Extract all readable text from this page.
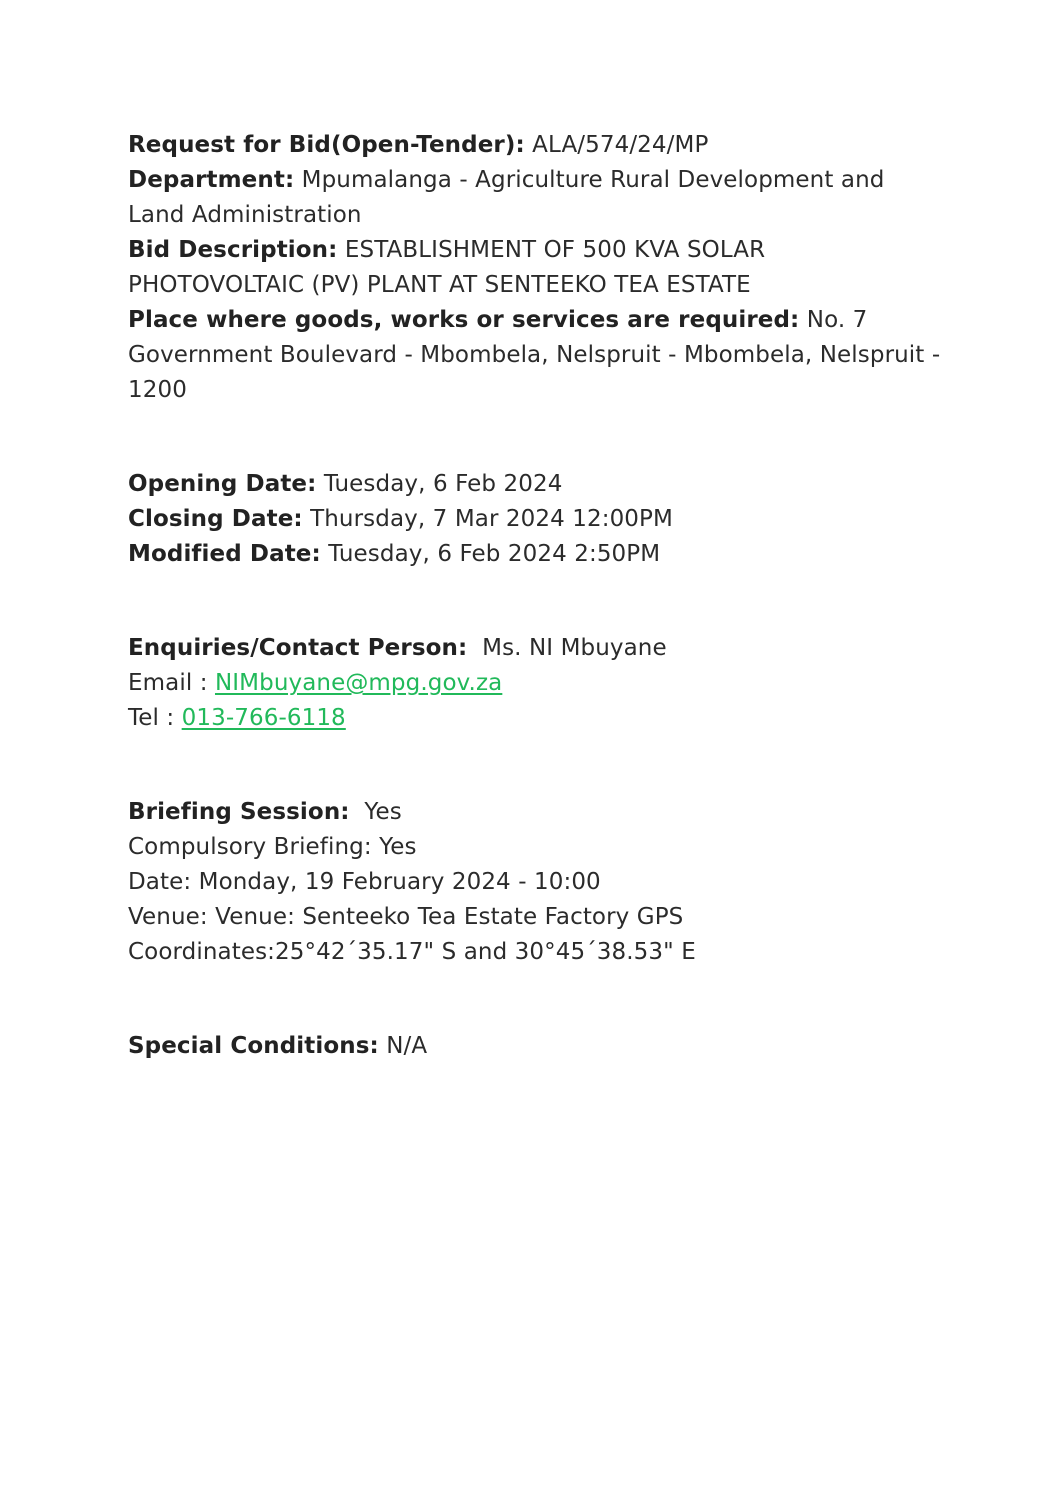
Request for Bid(Open-Tender): ALA/574/24/MP
Department: Mpumalanga - Agriculture Rural Development and Land Administration
Bid Description: ESTABLISHMENT OF 500 KVA SOLAR PHOTOVOLTAIC (PV) PLANT AT SENTEEKO TEA ESTATE
Place where goods, works or services are required: No. 7 Government Boulevard - Mbombela, Nelspruit - Mbombela, Nelspruit - 1200
Opening Date: Tuesday, 6 Feb 2024
Closing Date: Thursday, 7 Mar 2024 12:00PM
Modified Date: Tuesday, 6 Feb 2024 2:50PM
Enquiries/Contact Person:  Ms. NI Mbuyane
Email : NIMbuyane@mpg.gov.za
Tel : 013-766-6118
Briefing Session:  Yes
Compulsory Briefing: Yes
Date: Monday, 19 February 2024 - 10:00
Venue: Venue: Senteeko Tea Estate Factory GPS Coordinates:25°42´35.17" S and 30°45´38.53" E
Special Conditions: N/A
